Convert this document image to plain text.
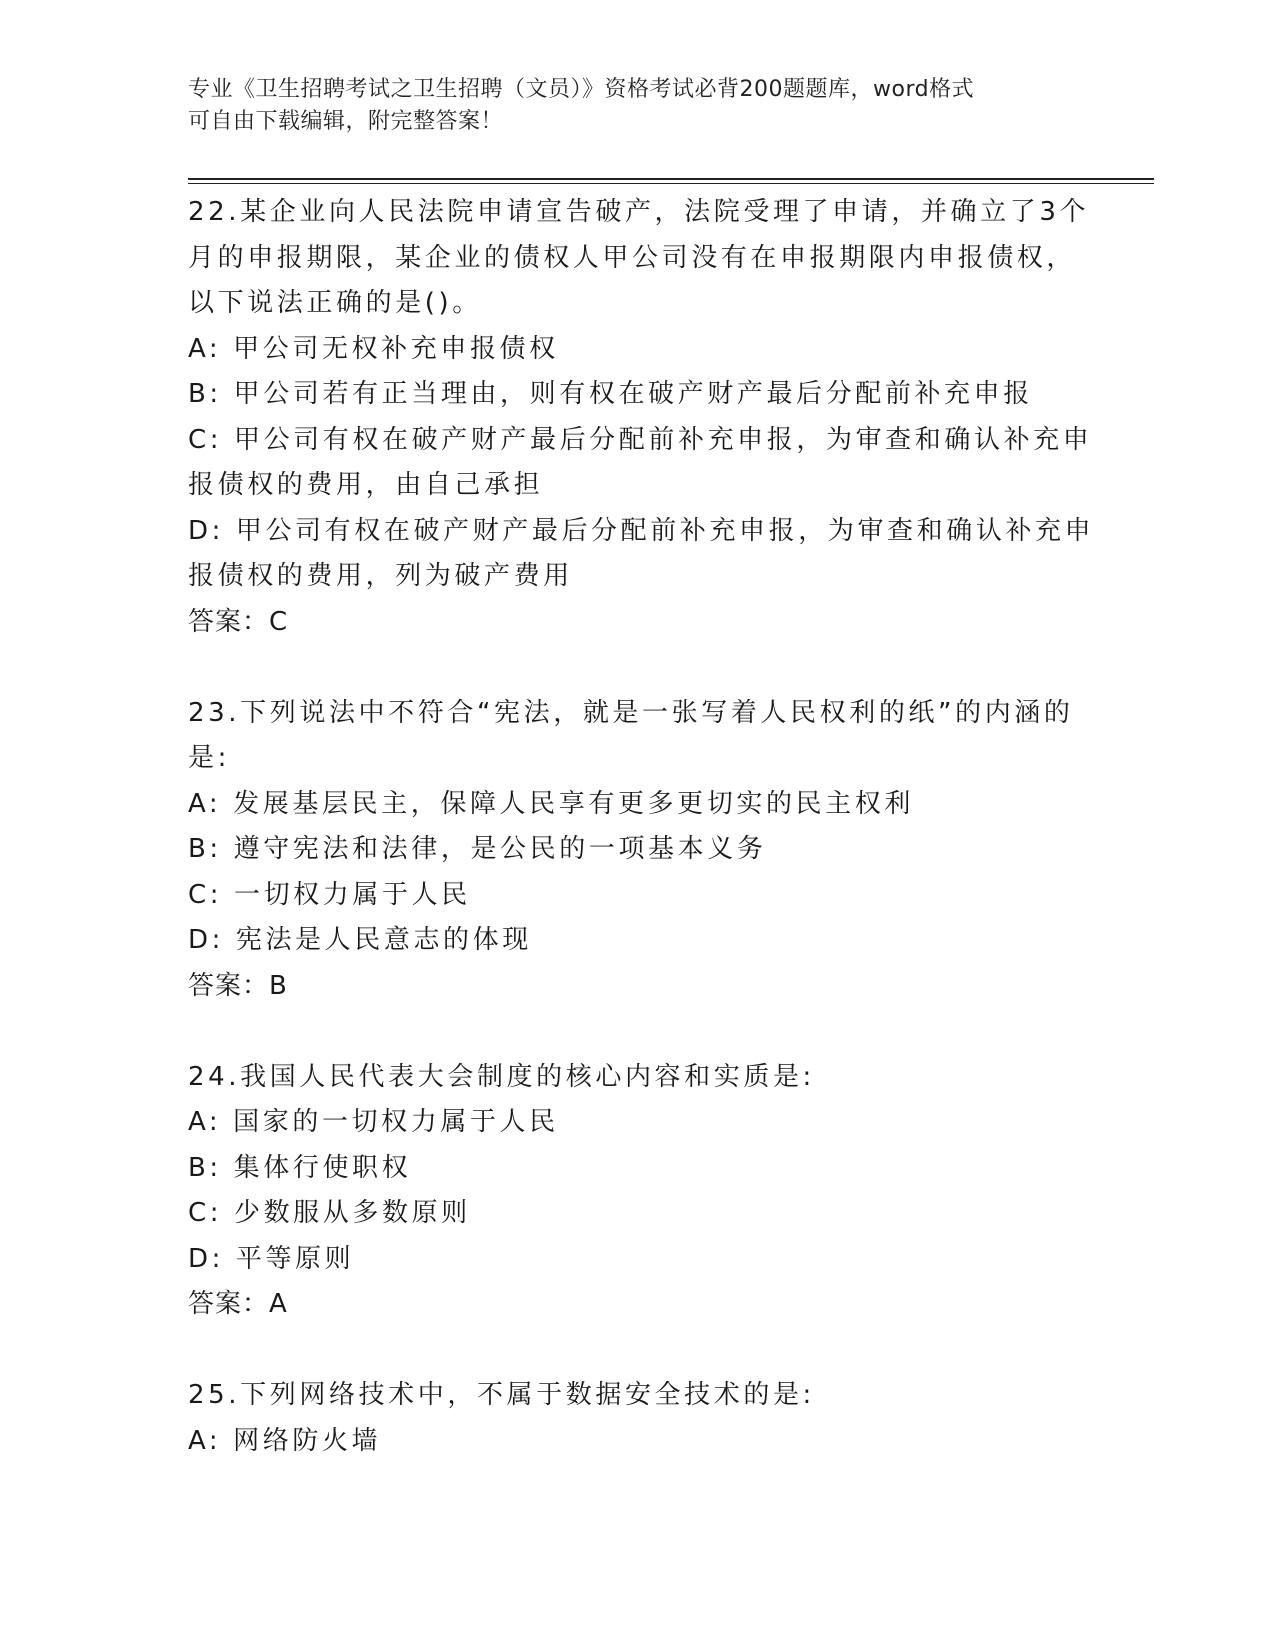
专业《卫生招聘考试之卫生招聘（文员）》资格考试必背200题题库，word格式
可自由下载编辑，附完整答案！
22.某企业向人民法院申请宣告破产，法院受理了申请，并确立了3个
月的申报期限，某企业的债权人甲公司没有在申报期限内申报债权，
以下说法正确的是()。
A: 甲公司无权补充申报债权
B: 甲公司若有正当理由，则有权在破产财产最后分配前补充申报
C: 甲公司有权在破产财产最后分配前补充申报，为审查和确认补充申
报债权的费用，由自己承担
D: 甲公司有权在破产财产最后分配前补充申报，为审查和确认补充申
报债权的费用，列为破产费用
答案：C
23.下列说法中不符合“宪法，就是一张写着人民权利的纸”的内涵的
是:
A: 发展基层民主，保障人民享有更多更切实的民主权利
B: 遵守宪法和法律，是公民的一项基本义务
C: 一切权力属于人民
D: 宪法是人民意志的体现
答案：B
24.我国人民代表大会制度的核心内容和实质是:
A: 国家的一切权力属于人民
B: 集体行使职权
C: 少数服从多数原则
D: 平等原则
答案：A
25.下列网络技术中，不属于数据安全技术的是:
A: 网络防火墙
